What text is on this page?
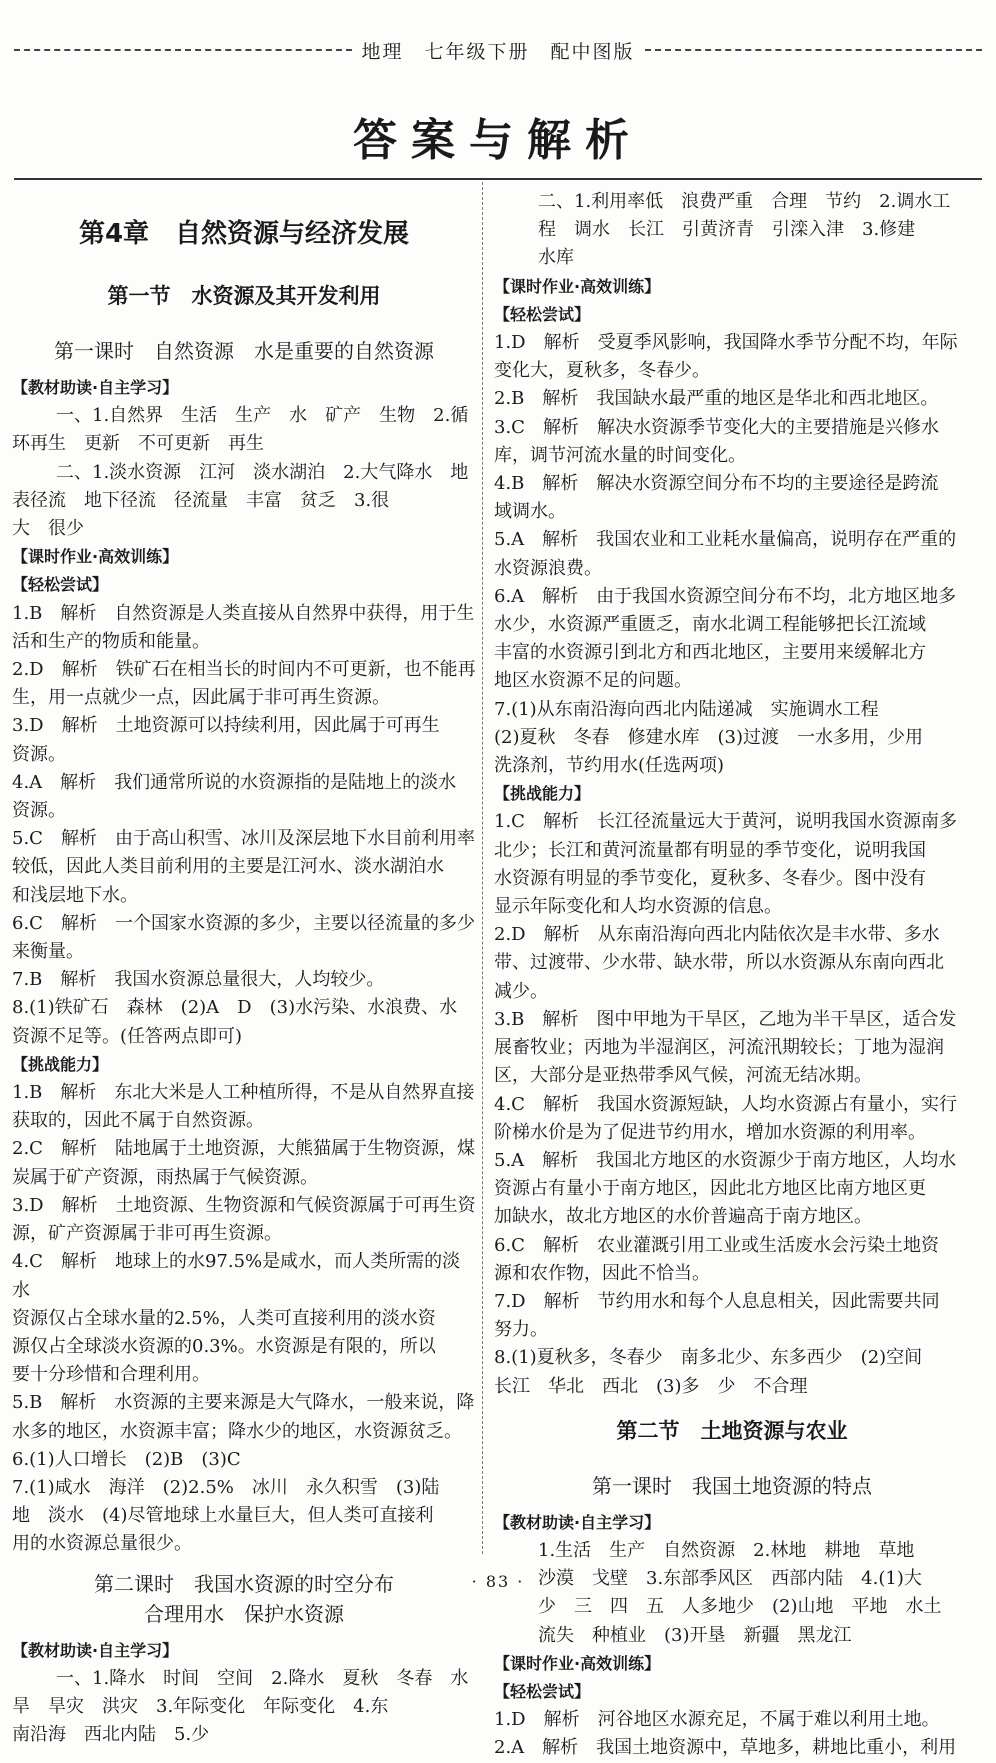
地理　七年级下册　配中图版
答案与解析

第4章　自然资源与经济发展

第一节　水资源及其开发利用

第一课时　自然资源　水是重要的自然资源

【教材助读·自主学习】

一、1.自然界　生活　生产　水　矿产　生物　2.循

环再生　更新　不可更新　再生

二、1.淡水资源　江河　淡水湖泊　2.大气降水　地

表径流　地下径流　径流量　丰富　贫乏　3.很

大　很少

【课时作业·高效训练】

【轻松尝试】

1.B　解析　自然资源是人类直接从自然界中获得，用于生

活和生产的物质和能量。

2.D　解析　铁矿石在相当长的时间内不可更新，也不能再

生，用一点就少一点，因此属于非可再生资源。

3.D　解析　土地资源可以持续利用，因此属于可再生

资源。

4.A　解析　我们通常所说的水资源指的是陆地上的淡水

资源。

5.C　解析　由于高山积雪、冰川及深层地下水目前利用率

较低，因此人类目前利用的主要是江河水、淡水湖泊水

和浅层地下水。

6.C　解析　一个国家水资源的多少，主要以径流量的多少

来衡量。

7.B　解析　我国水资源总量很大，人均较少。

8.(1)铁矿石　森林　(2)A　D　(3)水污染、水浪费、水

资源不足等。(任答两点即可)

【挑战能力】

1.B　解析　东北大米是人工种植所得，不是从自然界直接

获取的，因此不属于自然资源。

2.C　解析　陆地属于土地资源，大熊猫属于生物资源，煤

炭属于矿产资源，雨热属于气候资源。

3.D　解析　土地资源、生物资源和气候资源属于可再生资

源，矿产资源属于非可再生资源。

4.C　解析　地球上的水97.5%是咸水，而人类所需的淡水

资源仅占全球水量的2.5%，人类可直接利用的淡水资

源仅占全球淡水资源的0.3%。水资源是有限的，所以

要十分珍惜和合理利用。

5.B　解析　水资源的主要来源是大气降水，一般来说，降

水多的地区，水资源丰富；降水少的地区，水资源贫乏。

6.(1)人口增长　(2)B　(3)C

7.(1)咸水　海洋　(2)2.5%　冰川　永久积雪　(3)陆

地　淡水　(4)尽管地球上水量巨大，但人类可直接利

用的水资源总量很少。

第二课时　我国水资源的时空分布

合理用水　保护水资源

【教材助读·自主学习】

一、1.降水　时间　空间　2.降水　夏秋　冬春　水

旱　旱灾　洪灾　3.年际变化　年际变化　4.东

南沿海　西北内陆　5.少

二、1.利用率低　浪费严重　合理　节约　2.调水工

程　调水　长江　引黄济青　引滦入津　3.修建

水库

【课时作业·高效训练】

【轻松尝试】

1.D　解析　受夏季风影响，我国降水季节分配不均，年际

变化大，夏秋多，冬春少。

2.B　解析　我国缺水最严重的地区是华北和西北地区。

3.C　解析　解决水资源季节变化大的主要措施是兴修水

库，调节河流水量的时间变化。

4.B　解析　解决水资源空间分布不均的主要途径是跨流

域调水。

5.A　解析　我国农业和工业耗水量偏高，说明存在严重的

水资源浪费。

6.A　解析　由于我国水资源空间分布不均，北方地区地多

水少，水资源严重匮乏，南水北调工程能够把长江流域

丰富的水资源引到北方和西北地区，主要用来缓解北方

地区水资源不足的问题。

7.(1)从东南沿海向西北内陆递减　实施调水工程

(2)夏秋　冬春　修建水库　(3)过渡　一水多用，少用

洗涤剂，节约用水(任选两项)

【挑战能力】

1.C　解析　长江径流量远大于黄河，说明我国水资源南多

北少；长江和黄河流量都有明显的季节变化，说明我国

水资源有明显的季节变化，夏秋多、冬春少。图中没有

显示年际变化和人均水资源的信息。

2.D　解析　从东南沿海向西北内陆依次是丰水带、多水

带、过渡带、少水带、缺水带，所以水资源从东南向西北

减少。

3.B　解析　图中甲地为干旱区，乙地为半干旱区，适合发

展畜牧业；丙地为半湿润区，河流汛期较长；丁地为湿润

区，大部分是亚热带季风气候，河流无结冰期。

4.C　解析　我国水资源短缺，人均水资源占有量小，实行

阶梯水价是为了促进节约用水，增加水资源的利用率。

5.A　解析　我国北方地区的水资源少于南方地区，人均水

资源占有量小于南方地区，因此北方地区比南方地区更

加缺水，故北方地区的水价普遍高于南方地区。

6.C　解析　农业灌溉引用工业或生活废水会污染土地资

源和农作物，因此不恰当。

7.D　解析　节约用水和每个人息息相关，因此需要共同

努力。

8.(1)夏秋多，冬春少　南多北少、东多西少　(2)空间

长江　华北　西北　(3)多　少　不合理

第二节　土地资源与农业

第一课时　我国土地资源的特点

【教材助读·自主学习】

1.生活　生产　自然资源　2.林地　耕地　草地

沙漠　戈壁　3.东部季风区　西部内陆　4.(1)大

少　三　四　五　人多地少　(2)山地　平地　水土

流失　种植业　(3)开垦　新疆　黑龙江

【课时作业·高效训练】

【轻松尝试】

1.D　解析　河谷地区水源充足，不属于难以利用土地。

2.A　解析　我国土地资源中，草地多，耕地比重小，利用

· 83 ·
